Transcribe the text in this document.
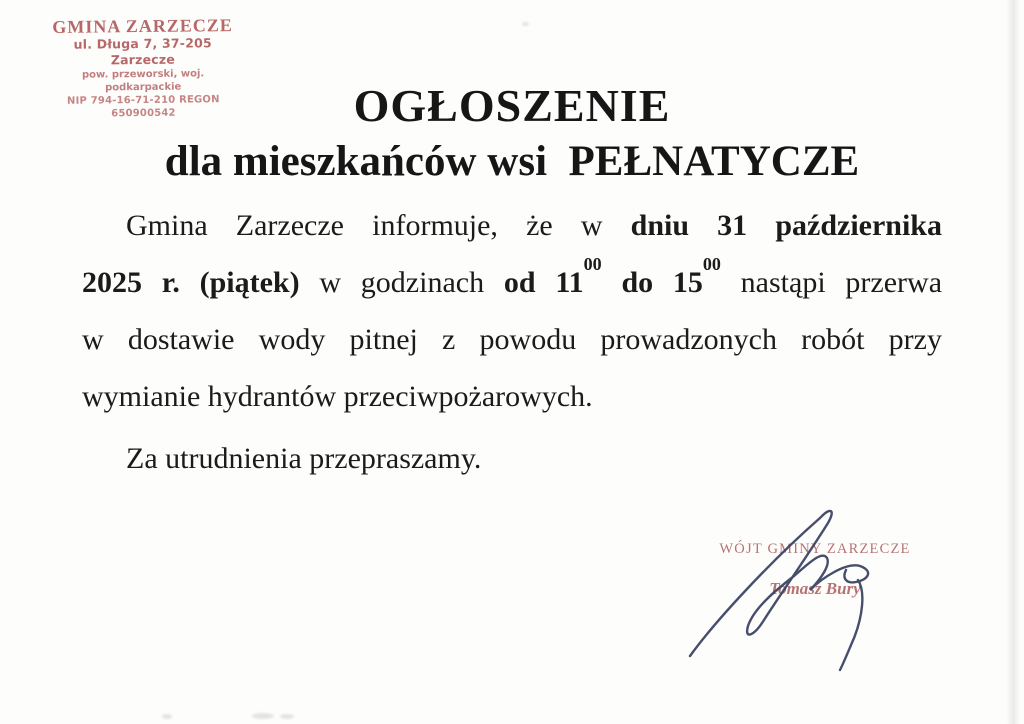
GMINA ZARZECZE
ul. Długa 7, 37-205 Zarzecze
pow. przeworski, woj. podkarpackie
NIP 794-16-71-210 REGON 650900542	OGŁOSZENIE
dla mieszkańców wsi  PEŁNATYCZE
Gmina Zarzecze informuje, że w dniu 31 października
2025 r. (piątek) w godzinach od $11^{00}$ do $15^{00}$ nastąpi przerwa
w dostawie wody pitnej z powodu prowadzonych robót przy
wymianie hydrantów przeciwpożarowych.
Za utrudnienia przepraszamy.
WÓJT GMINY ZARZECZE
Tomasz Bury
